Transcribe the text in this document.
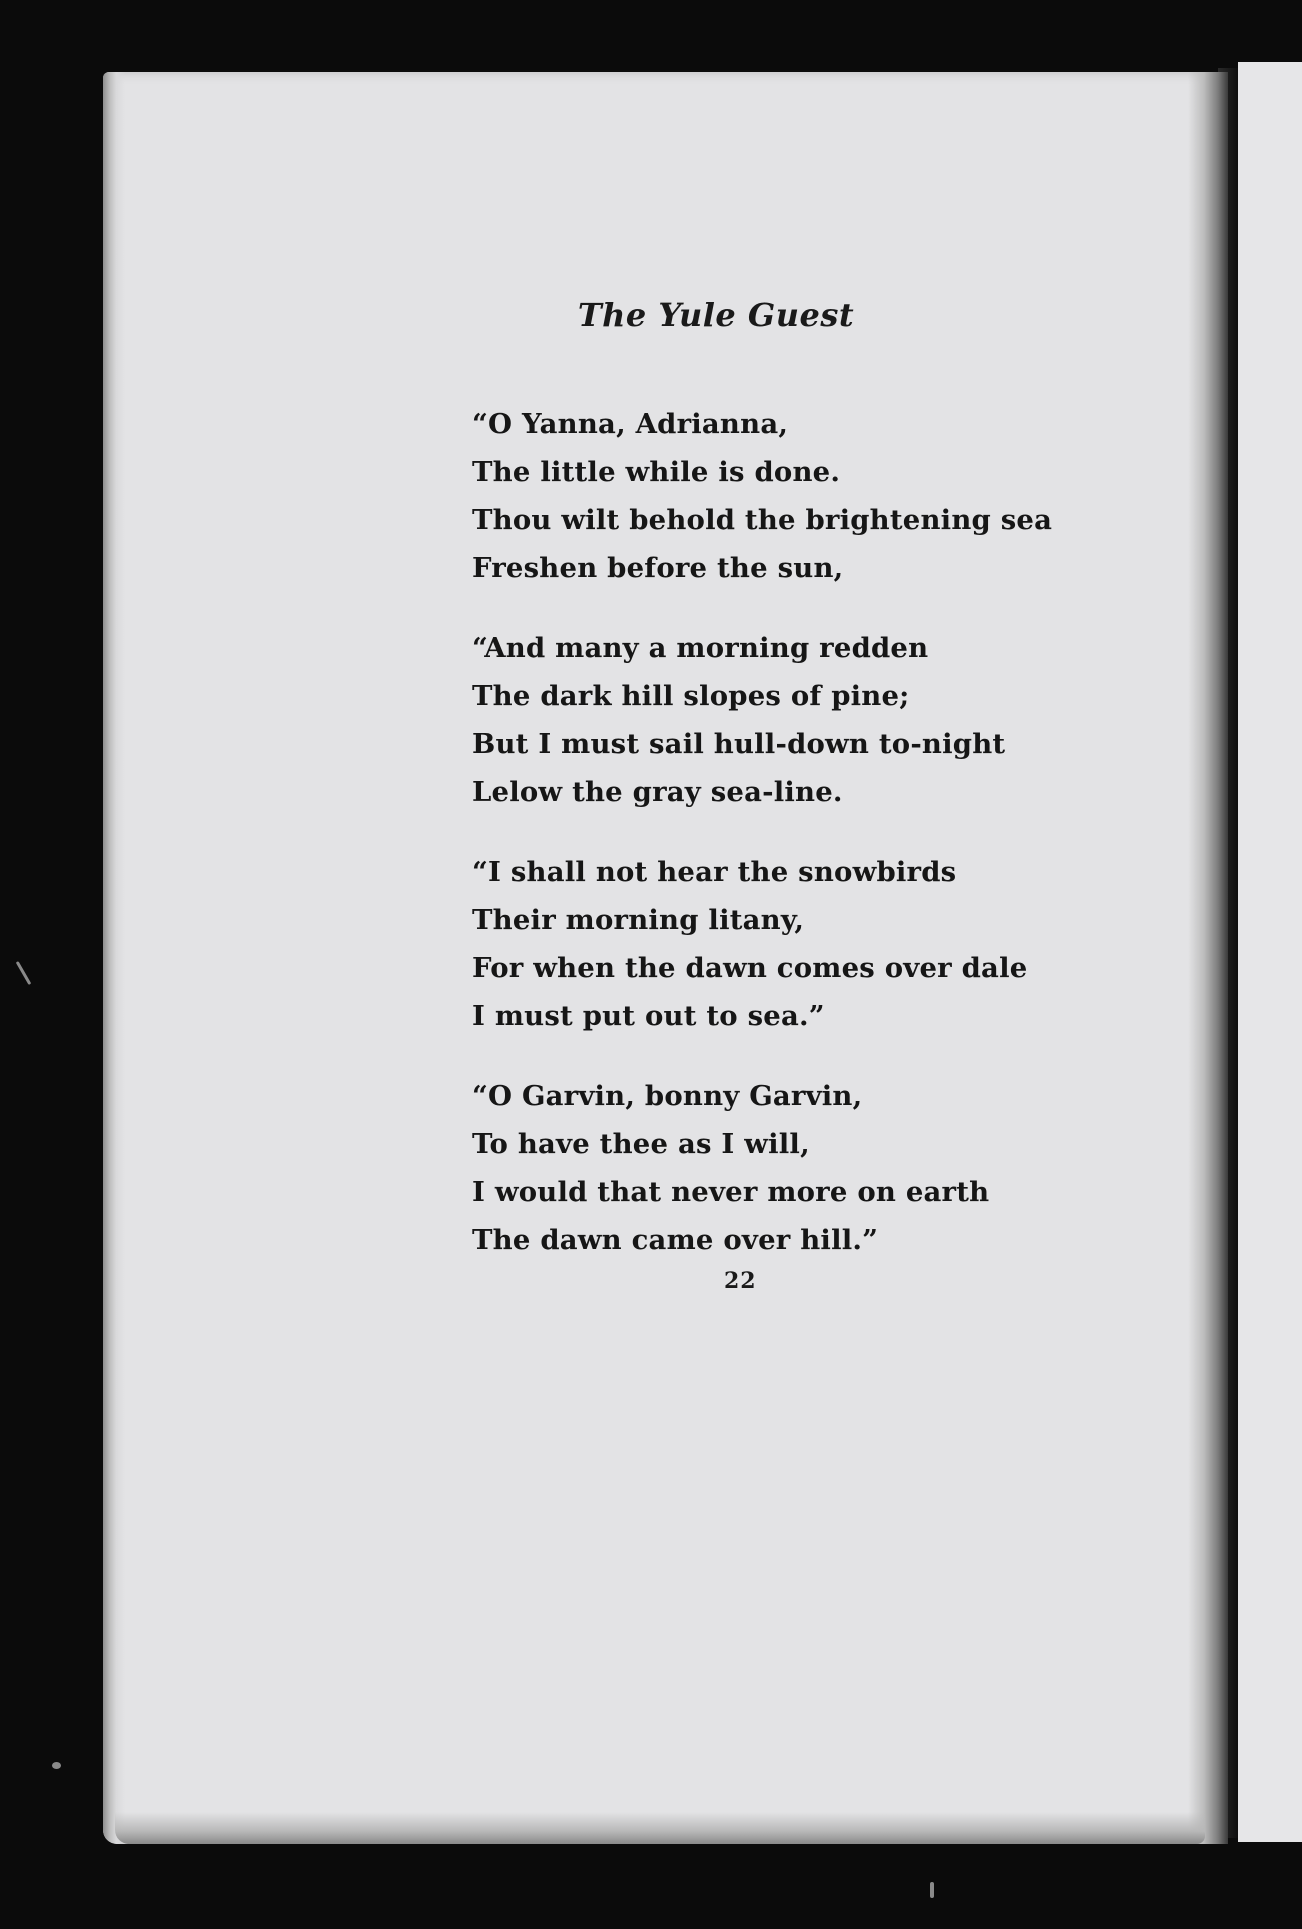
The Yule Guest
“O Yanna, Adrianna,
The little while is done.
Thou wilt behold the brightening sea
Freshen before the sun,
“And many a morning redden
The dark hill slopes of pine;
But I must sail hull-down to-night
Lelow the gray sea-line.
“I shall not hear the snowbirds
Their morning litany,
For when the dawn comes over dale
I must put out to sea.”
“O Garvin, bonny Garvin,
To have thee as I will,
I would that never more on earth
The dawn came over hill.”
22
